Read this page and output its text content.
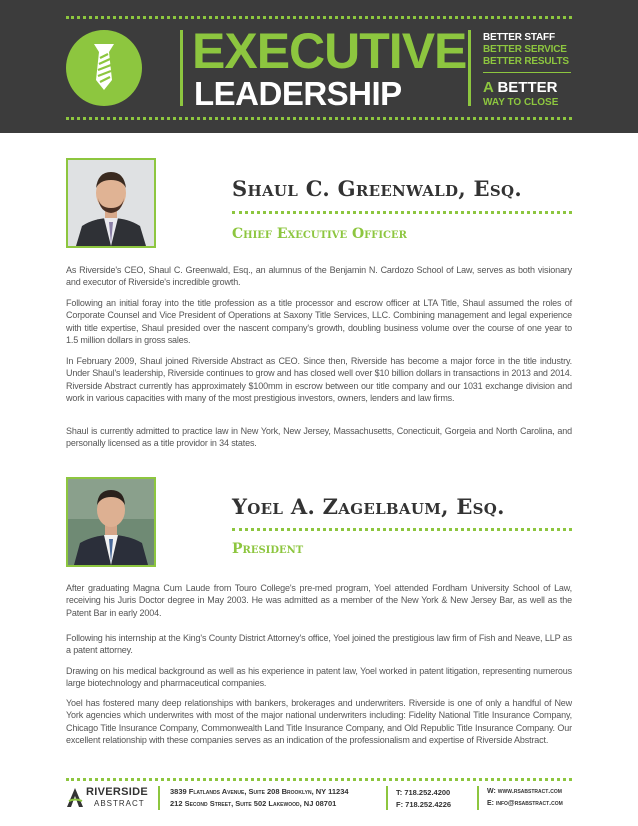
EXECUTIVE
LEADERSHIP
BETTER STAFF
BETTER SERVICE
BETTER RESULTS
A BETTER
WAY TO CLOSE
Shaul C. Greenwald, Esq.
Chief Executive Officer
As Riverside's CEO, Shaul C. Greenwald, Esq., an alumnus of the Benjamin N. Cardozo School of Law, serves as both visionary and executor of Riverside's incredible growth.
Following an initial foray into the title profession as a title processor and escrow officer at LTA Title, Shaul assumed the roles of Corporate Counsel and Vice President of Operations at Saxony Title Services, LLC. Combining management and legal experience with title expertise, Shaul presided over the nascent company's growth, doubling business volume over the course of one year to 1.5 million dollars in gross sales.
In February 2009, Shaul joined Riverside Abstract as CEO. Since then, Riverside has become a major force in the title industry. Under Shaul's leadership, Riverside continues to grow and has closed well over $10 billion dollars in transactions in 2013 and 2014. Riverside Abstract currently has approximately $100mm in escrow between our title company and our 1031 exchange division and work in various capacities with many of the most prestigious investors, owners, lenders and law firms.
Shaul is currently admitted to practice law in New York, New Jersey, Massachusetts, Conecticuit, Gorgeia and North Carolina, and personally licensed as a title providor in 34 states.
Yoel A. Zagelbaum, Esq.
President
After graduating Magna Cum Laude from Touro College's pre-med program, Yoel attended Fordham University School of Law, receiving his Juris Doctor degree in May 2003. He was admitted as a member of the New York & New Jersey Bar, as well as the Patent Bar in early 2004.
Following his internship at the King's County District Attorney's office, Yoel joined the prestigious law firm of Fish and Neave, LLP as a patent attorney.
Drawing on his medical background as well as his experience in patent law, Yoel worked in patent litigation, representing numerous large biotechnology and pharmaceutical companies.
Yoel has fostered many deep relationships with bankers, brokerages and underwriters. Riverside is one of only a handful of New York agencies which underwrites with most of the major national underwriters including: Fidelity National Title Insurance Company, Chicago Title Insurance Company, Commonwealth Land Title Insurance Company, and Old Republic Title Insurance Company. Our excellent relationship with these companies serves as an indication of the professionalism and expertise of Riverside Abstract.
RIVERSIDE
ABSTRACT
3839 Flatlands Avenue, Suite 208 Brooklyn, NY 11234
212 Second Street, Suite 502 Lakewood, NJ 08701
T: 718.252.4200
F: 718.252.4226
W: www.rsabstract.com
E: info@rsabstract.com
